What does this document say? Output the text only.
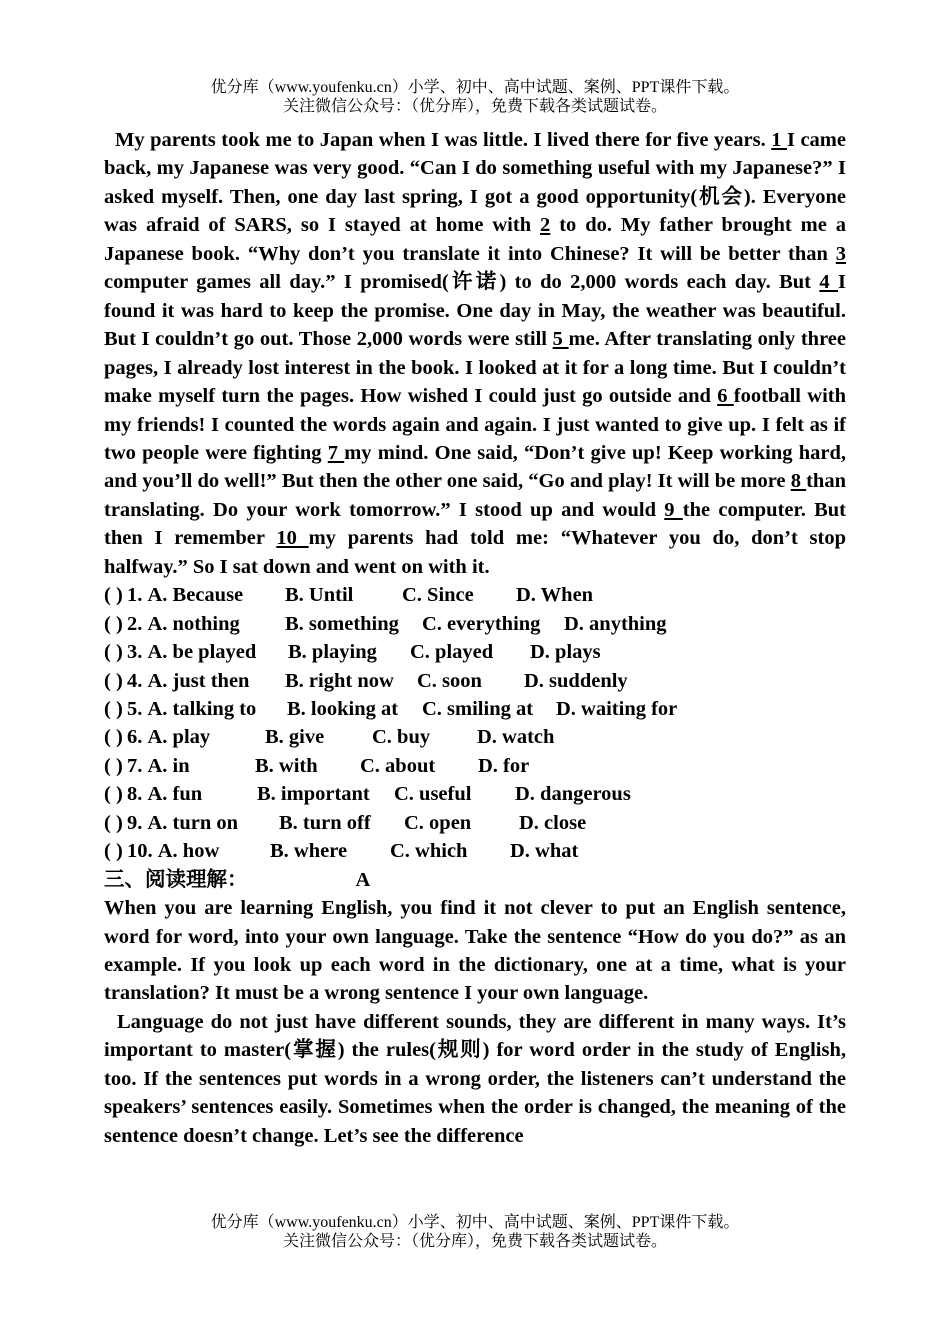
优分库（www.youfenku.cn）小学、初中、高中试题、案例、PPT课件下载。
关注微信公众号：（优分库），免费下载各类试题试卷。

My parents took me to Japan when I was little. I lived there for five years. 1 I came back, my Japanese was very good. “Can I do something useful with my Japanese?” I asked myself. Then, one day last spring, I got a good opportunity(机会). Everyone was afraid of SARS, so I stayed at home with 2 to do. My father brought me a Japanese book. “Why don’t you translate it into Chinese? It will be better than 3 computer games all day.” I promised(许诺) to do 2,000 words each day. But 4 I found it was hard to keep the promise. One day in May, the weather was beautiful. But I couldn’t go out. Those 2,000 words were still 5 me. After translating only three pages, I already lost interest in the book. I looked at it for a long time. But I couldn’t make myself turn the pages. How wished I could just go outside and 6 football with my friends! I counted the words again and again. I just wanted to give up. I felt as if two people were fighting 7 my mind. One said, “Don’t give up! Keep working hard, and you’ll do well!” But then the other one said, “Go and play! It will be more 8 than translating. Do your work tomorrow.” I stood up and would 9 the computer. But then I remember 10 my parents had told me: “Whatever you do, don’t stop halfway.” So I sat down and went on with it.

( ) 1. A. Because B. Until C. Since D. When
( ) 2. A. nothing B. something C. everything D. anything
( ) 3. A. be played B. playing C. played D. plays
( ) 4. A. just then B. right now C. soon D. suddenly
( ) 5. A. talking to B. looking at C. smiling at D. waiting for
( ) 6. A. play	B. give C. buy D. watch
( ) 7. A. in	B. with C. about D. for
( ) 8. A. fun	B. important C. useful D. dangerous
( ) 9. A. turn on B. turn off C. open D. close
( ) 10. A. how B. where C. which D. what

三、阅读理解：	A

When you are learning English, you find it not clever to put an English sentence, word for word, into your own language. Take the sentence “How do you do?” as an example. If you look up each word in the dictionary, one at a time, what is your translation? It must be a wrong sentence I your own language.

Language do not just have different sounds, they are different in many ways. It’s important to master(掌握) the rules(规则) for word order in the study of English, too. If the sentences put words in a wrong order, the listeners can’t understand the speakers’ sentences easily. Sometimes when the order is changed, the meaning of the sentence doesn’t change. Let’s see the difference

优分库（www.youfenku.cn）小学、初中、高中试题、案例、PPT课件下载。
关注微信公众号：（优分库），免费下载各类试题试卷。
